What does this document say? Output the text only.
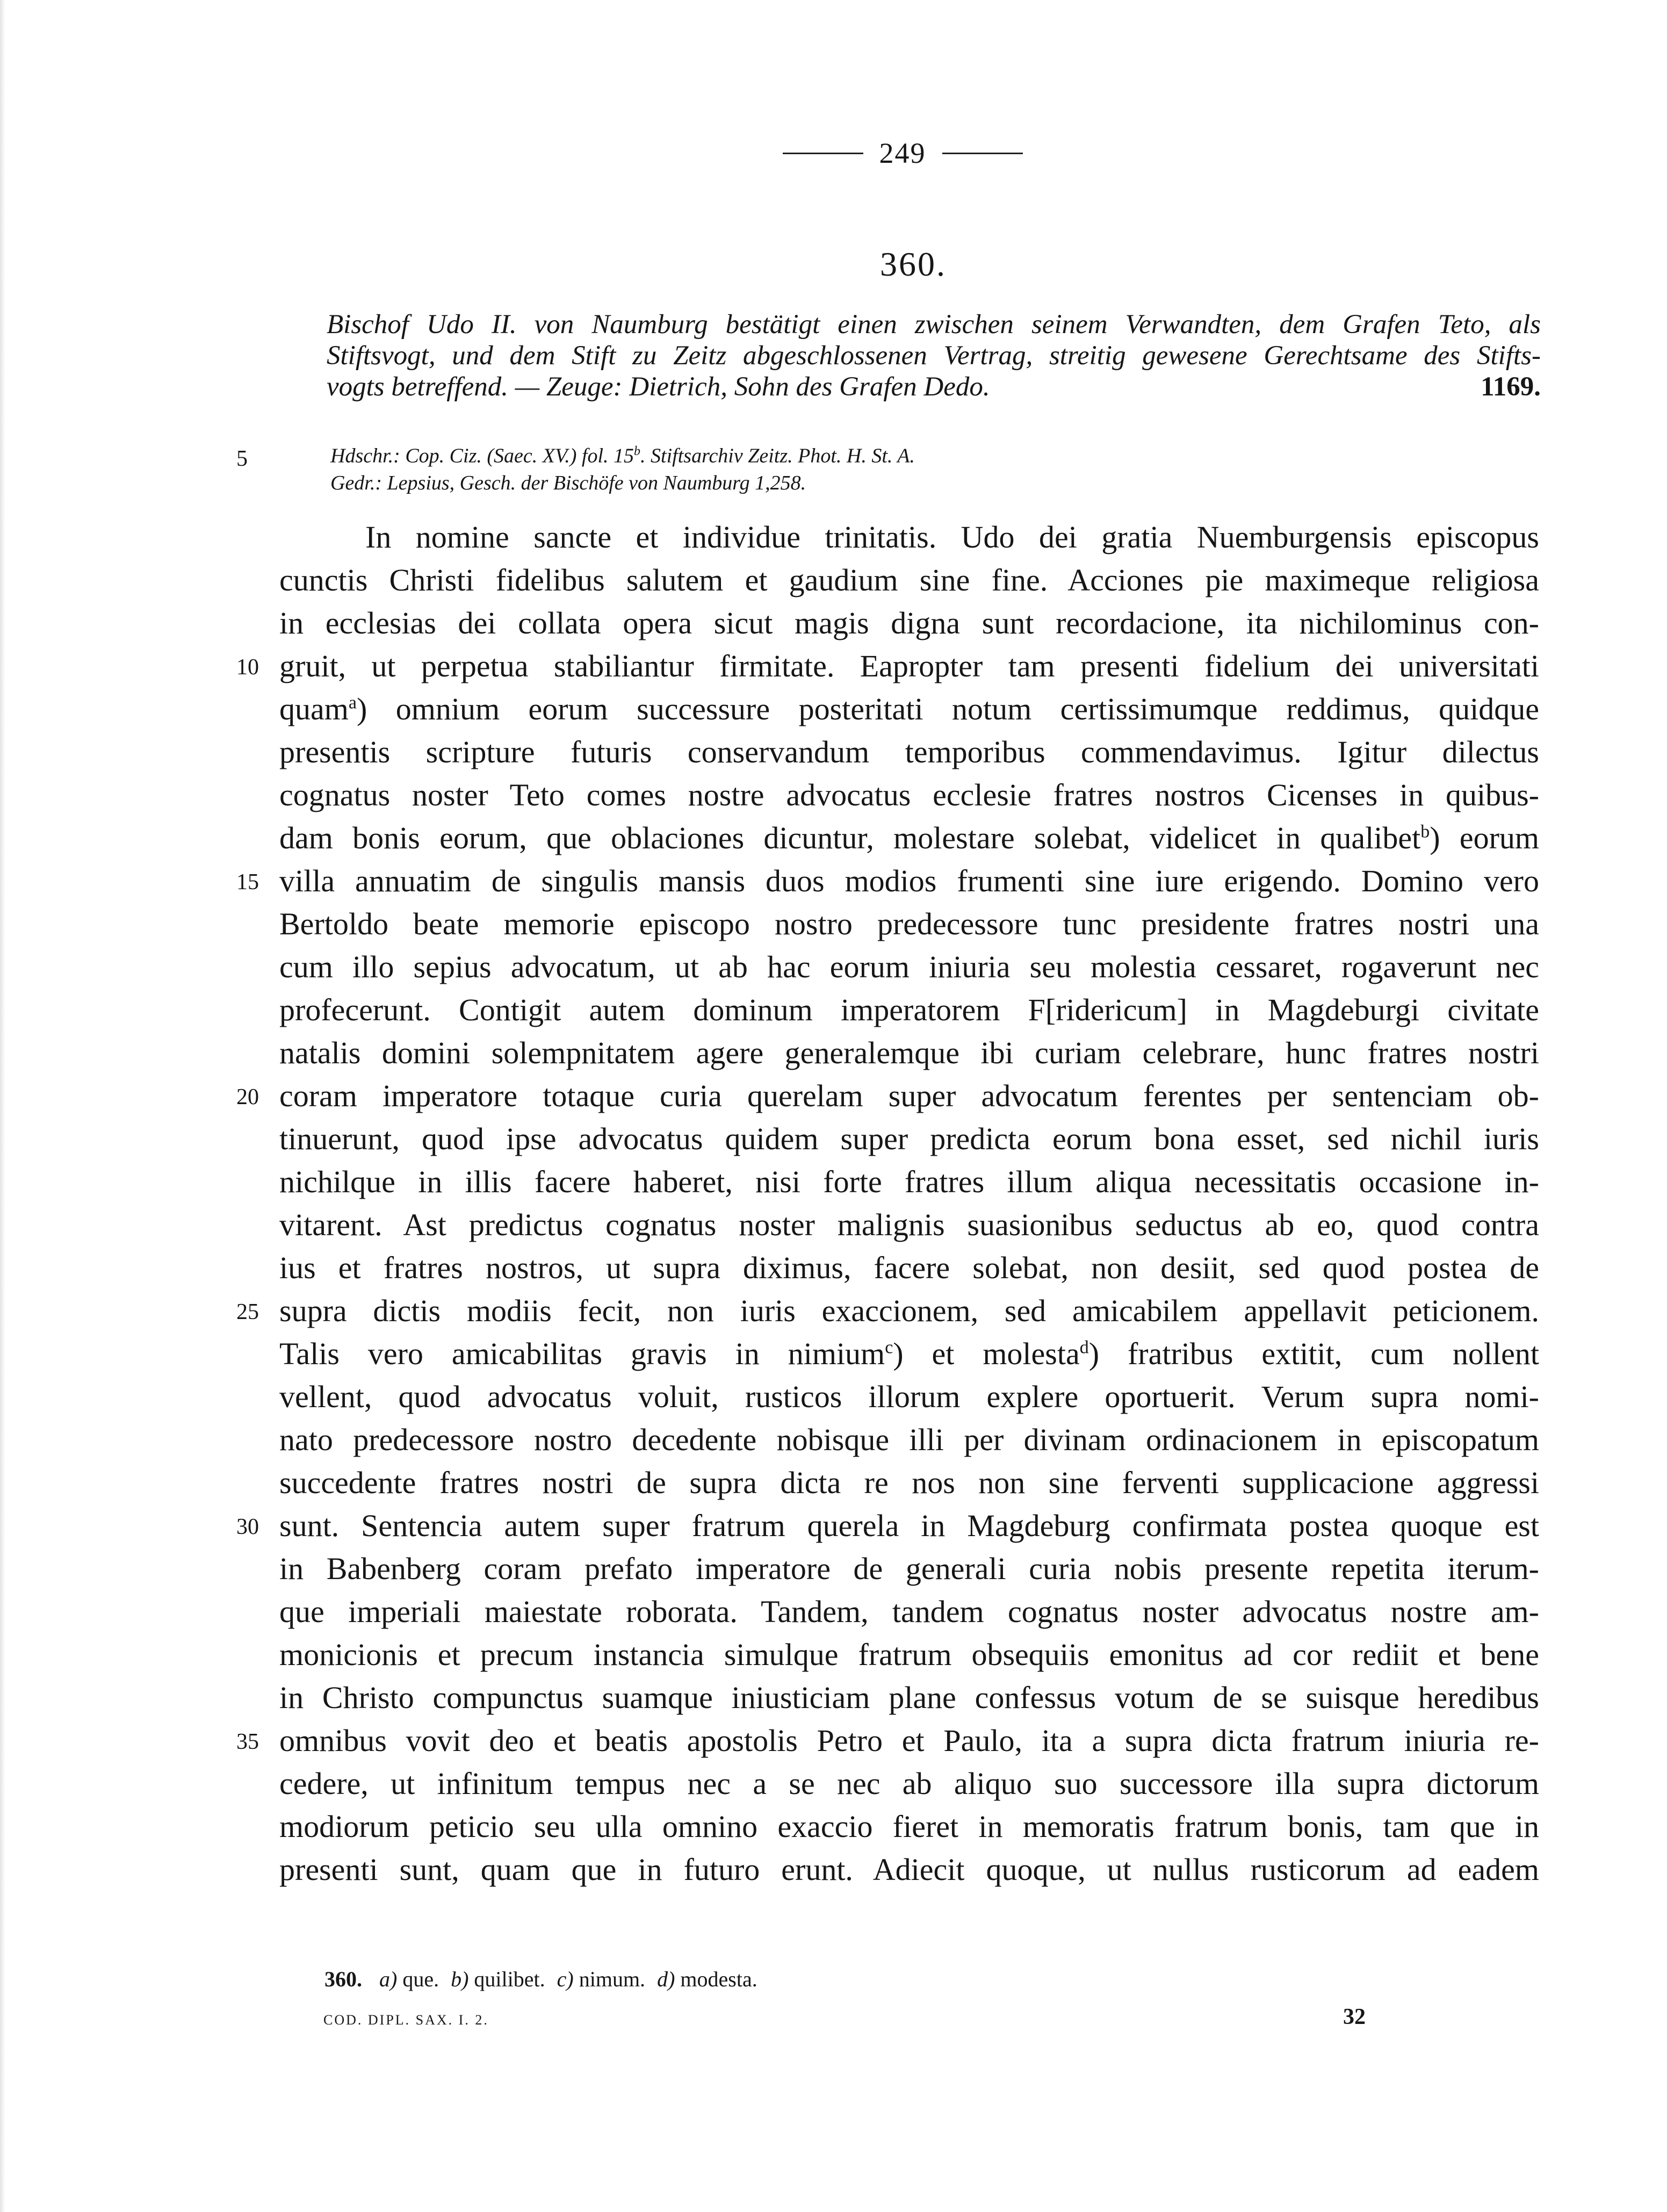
249
360.
Bischof Udo II. von Naumburg bestätigt einen zwischen seinem Verwandten, dem Grafen Teto, als
Stiftsvogt, und dem Stift zu Zeitz abgeschlossenen Vertrag, streitig gewesene Gerechtsame des Stifts-
vogts betreffend. — Zeuge: Dietrich, Sohn des Grafen Dedo.	1169.
5	Hdschr.: Cop. Ciz. (Saec. XV.) fol. 15$^b$. Stiftsarchiv Zeitz. Phot. H. St. A.
Gedr.: Lepsius, Gesch. der Bischöfe von Naumburg 1,258.
10
15
20
25
30
35
In nomine sancte et individue trinitatis. Udo dei gratia Nuemburgensis episcopus
cunctis Christi fidelibus salutem et gaudium sine fine. Acciones pie maximeque religiosa
in ecclesias dei collata opera sicut magis digna sunt recordacione, ita nichilominus con-
gruit, ut perpetua stabiliantur firmitate. Eapropter tam presenti fidelium dei universitati
quam$^a$) omnium eorum successure posteritati notum certissimumque reddimus, quidque
presentis scripture futuris conservandum temporibus commendavimus. Igitur dilectus
cognatus noster Teto comes nostre advocatus ecclesie fratres nostros Cicenses in quibus-
dam bonis eorum, que oblaciones dicuntur, molestare solebat, videlicet in qualibet$^b$) eorum
villa annuatim de singulis mansis duos modios frumenti sine iure erigendo. Domino vero
Bertoldo beate memorie episcopo nostro predecessore tunc presidente fratres nostri una
cum illo sepius advocatum, ut ab hac eorum iniuria seu molestia cessaret, rogaverunt nec
profecerunt. Contigit autem dominum imperatorem F[ridericum] in Magdeburgi civitate
natalis domini solempnitatem agere generalemque ibi curiam celebrare, hunc fratres nostri
coram imperatore totaque curia querelam super advocatum ferentes per sentenciam ob-
tinuerunt, quod ipse advocatus quidem super predicta eorum bona esset, sed nichil iuris
nichilque in illis facere haberet, nisi forte fratres illum aliqua necessitatis occasione in-
vitarent. Ast predictus cognatus noster malignis suasionibus seductus ab eo, quod contra
ius et fratres nostros, ut supra diximus, facere solebat, non desiit, sed quod postea de
supra dictis modiis fecit, non iuris exaccionem, sed amicabilem appellavit peticionem.
Talis vero amicabilitas gravis in nimium$^c$) et molesta$^d$) fratribus extitit, cum nollent
vellent, quod advocatus voluit, rusticos illorum explere oportuerit. Verum supra nomi-
nato predecessore nostro decedente nobisque illi per divinam ordinacionem in episcopatum
succedente fratres nostri de supra dicta re nos non sine ferventi supplicacione aggressi
sunt. Sentencia autem super fratrum querela in Magdeburg confirmata postea quoque est
in Babenberg coram prefato imperatore de generali curia nobis presente repetita iterum-
que imperiali maiestate roborata. Tandem, tandem cognatus noster advocatus nostre am-
monicionis et precum instancia simulque fratrum obsequiis emonitus ad cor rediit et bene
in Christo compunctus suamque iniusticiam plane confessus votum de se suisque heredibus
omnibus vovit deo et beatis apostolis Petro et Paulo, ita a supra dicta fratrum iniuria re-
cedere, ut infinitum tempus nec a se nec ab aliquo suo successore illa supra dictorum
modiorum peticio seu ulla omnino exaccio fieret in memoratis fratrum bonis, tam que in
presenti sunt, quam que in futuro erunt. Adiecit quoque, ut nullus rusticorum ad eadem
360. a) que. b) quilibet. c) nimum. d) modesta.
COD. DIPL. SAX. I. 2.	32
